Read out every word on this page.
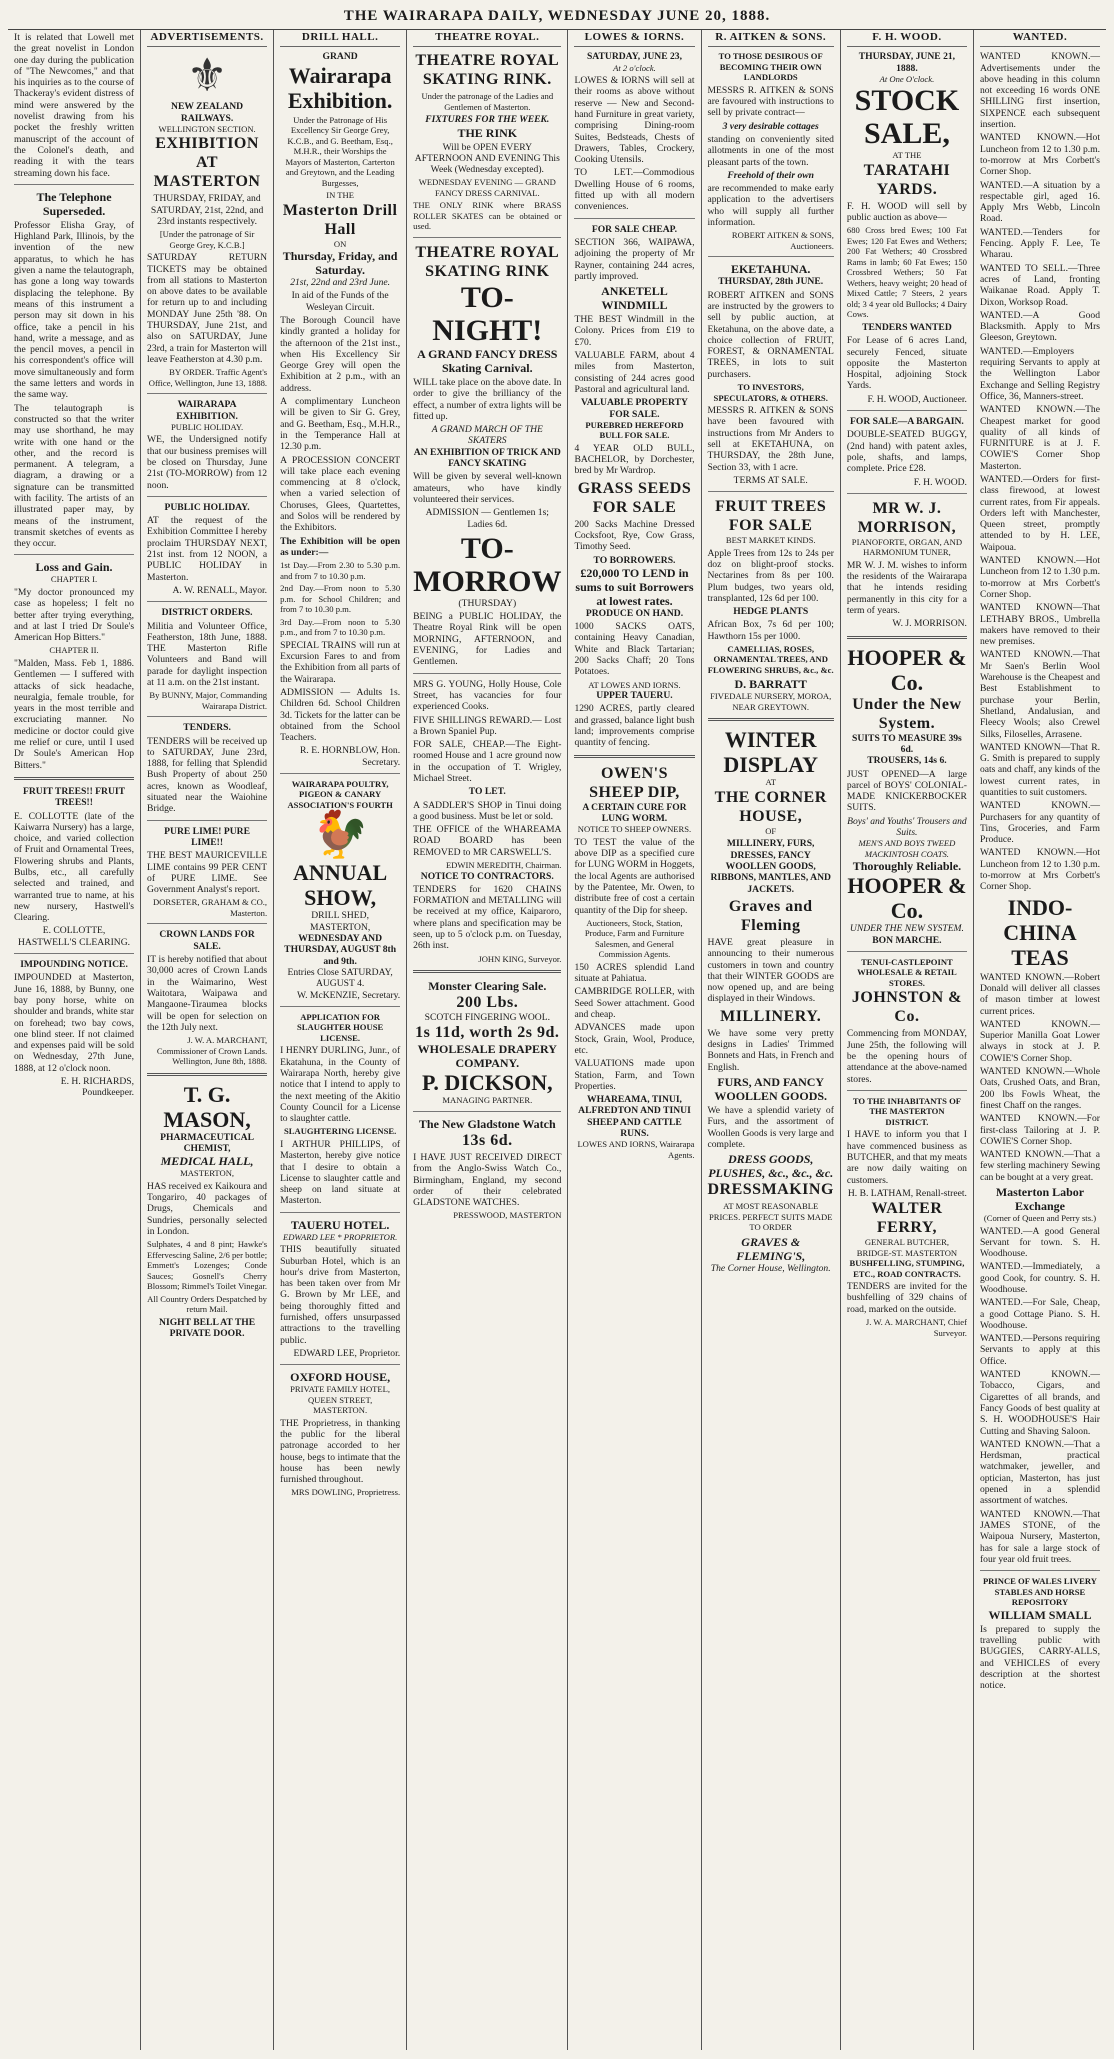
THE WAIRARAPA DAILY, WEDNESDAY JUNE 20, 1888.

It is related that Lowell met the great novelist in London one day during the publication of "The Newcomes," and that his inquiries as to the course of Thackeray's evident distress of mind were answered by the novelist drawing from his pocket the freshly written manuscript of the account of the Colonel's death, and reading it with the tears streaming down his face.

The Telephone Superseded.

Professor Elisha Gray, of Highland Park, Illinois, by the invention of the new apparatus, to which he has given a name the telautograph, has gone a long way towards displacing the telephone. By means of this instrument a person may sit down in his office, take a pencil in his hand, write a message, and as the pencil moves, a pencil in his correspondent's office will move simultaneously and form the same letters and words in the same way.

The telautograph is constructed so that the writer may use shorthand, he may write with one hand or the other, and the record is permanent. A telegram, a diagram, a drawing or a signature can be transmitted with facility. The artists of an illustrated paper may, by means of the instrument, transmit sketches of events as they occur.

Loss and Gain.
CHAPTER I.

"My doctor pronounced my case as hopeless; I felt no better after trying everything, and at last I tried Dr Soule's American Hop Bitters."

CHAPTER II.

"Malden, Mass. Feb 1, 1886. Gentlemen — I suffered with attacks of sick headache, neuralgia, female trouble, for years in the most terrible and excruciating manner. No medicine or doctor could give me relief or cure, until I used Dr Soule's American Hop Bitters."

FRUIT TREES!! FRUIT TREES!!

E. COLLOTTE (late of the Kaiwarra Nursery) has a large, choice, and varied collection of Fruit and Ornamental Trees, Flowering shrubs and Plants, Bulbs, etc., all carefully selected and trained, and warranted true to name, at his new nursery, Hastwell's Clearing.

E. COLLOTTE, HASTWELL'S CLEARING.
IMPOUNDING NOTICE.

IMPOUNDED at Masterton, June 16, 1888, by Bunny, one bay pony horse, white on shoulder and brands, white star on forehead; two bay cows, one blind steer. If not claimed and expenses paid will be sold on Wednesday, 27th June, 1888, at 12 o'clock noon.

E. H. RICHARDS, Poundkeeper.
ADVERTISEMENTS.
⚜
NEW ZEALAND RAILWAYS.
WELLINGTON SECTION.
EXHIBITION AT MASTERTON

THURSDAY, FRIDAY, and SATURDAY, 21st, 22nd, and 23rd instants respectively.

[Under the patronage of Sir George Grey, K.C.B.]

SATURDAY RETURN TICKETS may be obtained from all stations to Masterton on above dates to be available for return up to and including MONDAY June 25th '88. On THURSDAY, June 21st, and also on SATURDAY, June 23rd, a train for Masterton will leave Featherston at 4.30 p.m.

BY ORDER. Traffic Agent's Office, Wellington, June 13, 1888.
WAIRARAPA EXHIBITION.
PUBLIC HOLIDAY.

WE, the Undersigned notify that our business premises will be closed on Thursday, June 21st (TO-MORROW) from 12 noon.

PUBLIC HOLIDAY.

AT the request of the Exhibition Committee I hereby proclaim THURSDAY NEXT, 21st inst. from 12 NOON, a PUBLIC HOLIDAY in Masterton.

A. W. RENALL, Mayor.
DISTRICT ORDERS.

Militia and Volunteer Office, Featherston, 18th June, 1888. THE Masterton Rifle Volunteers and Band will parade for daylight inspection at 11 a.m. on the 21st instant.

By BUNNY, Major, Commanding Wairarapa District.
TENDERS.

TENDERS will be received up to SATURDAY, June 23rd, 1888, for felling that Splendid Bush Property of about 250 acres, known as Woodleaf, situated near the Waiohine Bridge.

PURE LIME! PURE LIME!!

THE BEST MAURICEVILLE LIME contains 99 PER CENT of PURE LIME. See Government Analyst's report.

DORSETER, GRAHAM & CO., Masterton.
CROWN LANDS FOR SALE.

IT is hereby notified that about 30,000 acres of Crown Lands in the Waimarino, West Waitotara, Waipawa and Mangaone-Tiraumea blocks will be open for selection on the 12th July next.

J. W. A. MARCHANT, Commissioner of Crown Lands. Wellington, June 8th, 1888.
T. G. MASON,
PHARMACEUTICAL CHEMIST,
MEDICAL HALL,
MASTERTON,

HAS received ex Kaikoura and Tongariro, 40 packages of Drugs, Chemicals and Sundries, personally selected in London.

Sulphates, 4 and 8 pint; Hawke's Effervescing Saline, 2/6 per bottle; Emmett's Lozenges; Conde Sauces; Gosnell's Cherry Blossom; Rimmel's Toilet Vinegar.

All Country Orders Despatched by return Mail.

NIGHT BELL AT THE PRIVATE DOOR.
DRILL HALL.
GRAND
Wairarapa Exhibition.

Under the Patronage of His Excellency Sir George Grey, K.C.B., and G. Beetham, Esq., M.H.R., their Worships the Mayors of Masterton, Carterton and Greytown, and the Leading Burgesses,

IN THE
Masterton Drill Hall
ON
Thursday, Friday, and Saturday.
21st, 22nd and 23rd June.

In aid of the Funds of the Wesleyan Circuit.

The Borough Council have kindly granted a holiday for the afternoon of the 21st inst., when His Excellency Sir George Grey will open the Exhibition at 2 p.m., with an address.

A complimentary Luncheon will be given to Sir G. Grey, and G. Beetham, Esq., M.H.R., in the Temperance Hall at 12.30 p.m.

A PROCESSION CONCERT will take place each evening commencing at 8 o'clock, when a varied selection of Choruses, Glees, Quartettes, and Solos will be rendered by the Exhibitors.

The Exhibition will be open as under:—

1st Day.—From 2.30 to 5.30 p.m. and from 7 to 10.30 p.m.

2nd Day.—From noon to 5.30 p.m. for School Children; and from 7 to 10.30 p.m.

3rd Day.—From noon to 5.30 p.m., and from 7 to 10.30 p.m.

SPECIAL TRAINS will run at Excursion Fares to and from the Exhibition from all parts of the Wairarapa.

ADMISSION — Adults 1s. Children 6d. School Children 3d. Tickets for the latter can be obtained from the School Teachers.

R. E. HORNBLOW, Hon. Secretary.
WAIRARAPA POULTRY, PIGEON & CANARY ASSOCIATION'S FOURTH
🐓
ANNUAL SHOW,
DRILL SHED, MASTERTON,
WEDNESDAY AND THURSDAY, AUGUST 8th and 9th.
Entries Close SATURDAY, AUGUST 4.
W. McKENZIE, Secretary.
APPLICATION FOR SLAUGHTER HOUSE LICENSE.

I HENRY DURLING, Junr., of Ekatahuna, in the County of Wairarapa North, hereby give notice that I intend to apply to the next meeting of the Akitio County Council for a License to slaughter cattle.

SLAUGHTERING LICENSE.

I ARTHUR PHILLIPS, of Masterton, hereby give notice that I desire to obtain a License to slaughter cattle and sheep on land situate at Masterton.

TAUERU HOTEL.
EDWARD LEE * PROPRIETOR.

THIS beautifully situated Suburban Hotel, which is an hour's drive from Masterton, has been taken over from Mr G. Brown by Mr LEE, and being thoroughly fitted and furnished, offers unsurpassed attractions to the travelling public.

EDWARD LEE, Proprietor.
OXFORD HOUSE,
PRIVATE FAMILY HOTEL, QUEEN STREET, MASTERTON.

THE Proprietress, in thanking the public for the liberal patronage accorded to her house, begs to intimate that the house has been newly furnished throughout.

MRS DOWLING, Proprietress.
THEATRE ROYAL.
THEATRE ROYAL SKATING RINK.

Under the patronage of the Ladies and Gentlemen of Masterton.

FIXTURES FOR THE WEEK.
THE RINK

Will be OPEN EVERY AFTERNOON AND EVENING This Week (Wednesday excepted).

WEDNESDAY EVENING — GRAND FANCY DRESS CARNIVAL.

THE ONLY RINK where BRASS ROLLER SKATES can be obtained or used.

THEATRE ROYAL SKATING RINK
TO-NIGHT!
A GRAND FANCY DRESS Skating Carnival.

WILL take place on the above date. In order to give the brilliancy of the effect, a number of extra lights will be fitted up.

A GRAND MARCH OF THE SKATERS
AN EXHIBITION OF TRICK AND FANCY SKATING

Will be given by several well-known amateurs, who have kindly volunteered their services.

ADMISSION — Gentlemen 1s; Ladies 6d.

TO-MORROW
(THURSDAY)

BEING a PUBLIC HOLIDAY, the Theatre Royal Rink will be open MORNING, AFTERNOON, and EVENING, for Ladies and Gentlemen.

MRS G. YOUNG, Holly House, Cole Street, has vacancies for four experienced Cooks.

FIVE SHILLINGS REWARD.— Lost a Brown Spaniel Pup.

FOR SALE, CHEAP.—The Eight-roomed House and 1 acre ground now in the occupation of T. Wrigley, Michael Street.

TO LET.

A SADDLER'S SHOP in Tinui doing a good business. Must be let or sold.

THE OFFICE of the WHAREAMA ROAD BOARD has been REMOVED to MR CARSWELL'S.

EDWIN MEREDITH, Chairman.
NOTICE TO CONTRACTORS.

TENDERS for 1620 CHAINS FORMATION and METALLING will be received at my office, Kaiparoro, where plans and specification may be seen, up to 5 o'clock p.m. on Tuesday, 26th inst.

JOHN KING, Surveyor.
Monster Clearing Sale.
200 Lbs.
SCOTCH FINGERING WOOL.
1s 11d, worth 2s 9d.
WHOLESALE DRAPERY COMPANY.
P. DICKSON,
MANAGING PARTNER.
The New Gladstone Watch
13s 6d.

I HAVE JUST RECEIVED DIRECT from the Anglo-Swiss Watch Co., Birmingham, England, my second order of their celebrated GLADSTONE WATCHES.

PRESSWOOD, MASTERTON
LOWES & IORNS.
SATURDAY, JUNE 23,
At 2 o'clock.

LOWES & IORNS will sell at their rooms as above without reserve — New and Second-hand Furniture in great variety, comprising Dining-room Suites, Bedsteads, Chests of Drawers, Tables, Crockery, Cooking Utensils.

TO LET.—Commodious Dwelling House of 6 rooms, fitted up with all modern conveniences.

FOR SALE CHEAP.

SECTION 366, WAIPAWA, adjoining the property of Mr Rayner, containing 244 acres, partly improved.

ANKETELL WINDMILL

THE BEST Windmill in the Colony. Prices from £19 to £70.

VALUABLE FARM, about 4 miles from Masterton, consisting of 244 acres good Pastoral and agricultural land.

VALUABLE PROPERTY FOR SALE.
PUREBRED HEREFORD BULL FOR SALE.

4 YEAR OLD BULL, BACHELOR, by Dorchester, bred by Mr Wardrop.

GRASS SEEDS FOR SALE

200 Sacks Machine Dressed Cocksfoot, Rye, Cow Grass, Timothy Seed.

TO BORROWERS.
£20,000 TO LEND in sums to suit Borrowers at lowest rates.
PRODUCE ON HAND.

1000 SACKS OATS, containing Heavy Canadian, White and Black Tartarian; 200 Sacks Chaff; 20 Tons Potatoes.

AT LOWES AND IORNS.
UPPER TAUERU.

1290 ACRES, partly cleared and grassed, balance light bush land; improvements comprise quantity of fencing.

OWEN'S SHEEP DIP,
A CERTAIN CURE FOR LUNG WORM.
NOTICE TO SHEEP OWNERS.

TO TEST the value of the above DIP as a specified cure for LUNG WORM in Hoggets, the local Agents are authorised by the Patentee, Mr. Owen, to distribute free of cost a certain quantity of the Dip for sheep.

Auctioneers, Stock, Station, Produce, Farm and Furniture Salesmen, and General Commission Agents.

150 ACRES splendid Land situate at Pahiatua.

CAMBRIDGE ROLLER, with Seed Sower attachment. Good and cheap.

ADVANCES made upon Stock, Grain, Wool, Produce, etc.

VALUATIONS made upon Station, Farm, and Town Properties.

WHAREAMA, TINUI, ALFREDTON AND TINUI
SHEEP AND CATTLE RUNS.
LOWES AND IORNS, Wairarapa Agents.
R. AITKEN & SONS.
TO THOSE DESIROUS OF BECOMING THEIR OWN LANDLORDS

MESSRS R. AITKEN & SONS are favoured with instructions to sell by private contract—

3 very desirable cottages

standing on conveniently sited allotments in one of the most pleasant parts of the town.

Freehold of their own

are recommended to make early application to the advertisers who will supply all further information.

ROBERT AITKEN & SONS, Auctioneers.
EKETAHUNA.
THURSDAY, 28th JUNE.

ROBERT AITKEN and SONS are instructed by the growers to sell by public auction, at Eketahuna, on the above date, a choice collection of FRUIT, FOREST, & ORNAMENTAL TREES, in lots to suit purchasers.

TO INVESTORS, SPECULATORS, & OTHERS.

MESSRS R. AITKEN & SONS have been favoured with instructions from Mr Anders to sell at EKETAHUNA, on THURSDAY, the 28th June, Section 33, with 1 acre.

TERMS AT SALE.
FRUIT TREES FOR SALE
BEST MARKET KINDS.

Apple Trees from 12s to 24s per doz on blight-proof stocks. Nectarines from 8s per 100. Plum budges, two years old, transplanted, 12s 6d per 100.

HEDGE PLANTS

African Box, 7s 6d per 100; Hawthorn 15s per 1000.

CAMELLIAS, ROSES, ORNAMENTAL TREES, AND FLOWERING SHRUBS, &c., &c.

D. BARRATT
FIVEDALE NURSERY, MOROA, NEAR GREYTOWN.
WINTER DISPLAY
AT
THE CORNER HOUSE,
OF

MILLINERY, FURS, DRESSES, FANCY WOOLLEN GOODS, RIBBONS, MANTLES, AND JACKETS.

Graves and Fleming

HAVE great pleasure in announcing to their numerous customers in town and country that their WINTER GOODS are now opened up, and are being displayed in their Windows.

MILLINERY.

We have some very pretty designs in Ladies' Trimmed Bonnets and Hats, in French and English.

FURS, AND FANCY WOOLLEN GOODS.

We have a splendid variety of Furs, and the assortment of Woollen Goods is very large and complete.

DRESS GOODS, PLUSHES, &c., &c., &c.
DRESSMAKING

AT MOST REASONABLE PRICES. PERFECT SUITS MADE TO ORDER

GRAVES & FLEMING'S,
The Corner House, Wellington.
F. H. WOOD.
THURSDAY, JUNE 21, 1888.
At One O'clock.
STOCK SALE,
AT THE
TARATAHI YARDS.

F. H. WOOD will sell by public auction as above—

680 Cross bred Ewes; 100 Fat Ewes; 120 Fat Ewes and Wethers; 200 Fat Wethers; 40 Crossbred Rams in lamb; 60 Fat Ewes; 150 Crossbred Wethers; 50 Fat Wethers, heavy weight; 20 head of Mixed Cattle; 7 Steers, 2 years old; 3 4 year old Bullocks; 4 Dairy Cows.

TENDERS WANTED

For Lease of 6 acres Land, securely Fenced, situate opposite the Masterton Hospital, adjoining Stock Yards.

F. H. WOOD, Auctioneer.
FOR SALE—A BARGAIN.

DOUBLE-SEATED BUGGY, (2nd hand) with patent axles, pole, shafts, and lamps, complete. Price £28.

F. H. WOOD.
MR W. J. MORRISON,
PIANOFORTE, ORGAN, AND HARMONIUM TUNER,

MR W. J. M. wishes to inform the residents of the Wairarapa that he intends residing permanently in this city for a term of years.

W. J. MORRISON.
HOOPER & Co.
Under the New System.
SUITS TO MEASURE 39s 6d.
TROUSERS, 14s 6.

JUST OPENED—A large parcel of BOYS' COLONIAL-MADE KNICKERBOCKER SUITS.

Boys' and Youths' Trousers and Suits.
MEN'S AND BOYS TWEED MACKINTOSH COATS.
Thoroughly Reliable.
HOOPER & Co.
UNDER THE NEW SYSTEM.
BON MARCHE.
TENUI-CASTLEPOINT WHOLESALE & RETAIL STORES.
JOHNSTON & Co.

Commencing from MONDAY, June 25th, the following will be the opening hours of attendance at the above-named stores.

TO THE INHABITANTS OF THE MASTERTON DISTRICT.

I HAVE to inform you that I have commenced business as BUTCHER, and that my meats are now daily waiting on customers.

H. B. LATHAM, Renall-street.
WALTER FERRY,
GENERAL BUTCHER, BRIDGE-ST. MASTERTON
BUSHFELLING, STUMPING, ETC., ROAD CONTRACTS.

TENDERS are invited for the bushfelling of 329 chains of road, marked on the outside.

J. W. A. MARCHANT, Chief Surveyor.
WANTED.

WANTED KNOWN.—Advertisements under the above heading in this column not exceeding 16 words ONE SHILLING first insertion, SIXPENCE each subsequent insertion.

WANTED KNOWN.—Hot Luncheon from 12 to 1.30 p.m. to-morrow at Mrs Corbett's Corner Shop.

WANTED.—A situation by a respectable girl, aged 16. Apply Mrs Webb, Lincoln Road.

WANTED.—Tenders for Fencing. Apply F. Lee, Te Wharau.

WANTED TO SELL.—Three acres of Land, fronting Waikanae Road. Apply T. Dixon, Worksop Road.

WANTED.—A Good Blacksmith. Apply to Mrs Gleeson, Greytown.

WANTED.—Employers requiring Servants to apply at the Wellington Labor Exchange and Selling Registry Office, 36, Manners-street.

WANTED KNOWN.—The Cheapest market for good quality of all kinds of FURNITURE is at J. F. COWIE'S Corner Shop Masterton.

WANTED.—Orders for first-class firewood, at lowest current rates, from Fir appeals. Orders left with Manchester, Queen street, promptly attended to by H. LEE, Waipoua.

WANTED KNOWN.—Hot Luncheon from 12 to 1.30 p.m. to-morrow at Mrs Corbett's Corner Shop.

WANTED KNOWN—That LETHABY BROS., Umbrella makers have removed to their new premises.

WANTED KNOWN.—That Mr Saen's Berlin Wool Warehouse is the Cheapest and Best Establishment to purchase your Berlin, Shetland, Andalusian, and Fleecy Wools; also Crewel Silks, Filoselles, Arrasene.

WANTED KNOWN—That R. G. Smith is prepared to supply oats and chaff, any kinds of the lowest current rates, in quantities to suit customers.

WANTED KNOWN.—Purchasers for any quantity of Tins, Groceries, and Farm Produce.

WANTED KNOWN.—Hot Luncheon from 12 to 1.30 p.m. to-morrow at Mrs Corbett's Corner Shop.

INDO-CHINA TEAS

WANTED KNOWN.—Robert Donald will deliver all classes of mason timber at lowest current prices.

WANTED KNOWN.—Superior Manilla Goat Lower always in stock at J. P. COWIE'S Corner Shop.

WANTED KNOWN.—Whole Oats, Crushed Oats, and Bran, 200 lbs Fowls Wheat, the finest Chaff on the ranges.

WANTED KNOWN.—For first-class Tailoring at J. P. COWIE'S Corner Shop.

WANTED KNOWN.—That a few sterling machinery Sewing can be bought at a very great.

Masterton Labor Exchange
(Corner of Queen and Perry sts.)

WANTED.—A good General Servant for town. S. H. Woodhouse.

WANTED.—Immediately, a good Cook, for country. S. H. Woodhouse.

WANTED.—For Sale, Cheap, a good Cottage Piano. S. H. Woodhouse.

WANTED.—Persons requiring Servants to apply at this Office.

WANTED KNOWN.—Tobacco, Cigars, and Cigarettes of all brands, and Fancy Goods of best quality at S. H. WOODHOUSE'S Hair Cutting and Shaving Saloon.

WANTED KNOWN.—That a Herdsman, practical watchmaker, jeweller, and optician, Masterton, has just opened in a splendid assortment of watches.

WANTED KNOWN.—That JAMES STONE, of the Waipoua Nursery, Masterton, has for sale a large stock of four year old fruit trees.

PRINCE OF WALES LIVERY STABLES AND HORSE REPOSITORY
WILLIAM SMALL

Is prepared to supply the travelling public with BUGGIES, CARRY-ALLS, and VEHICLES of every description at the shortest notice.
